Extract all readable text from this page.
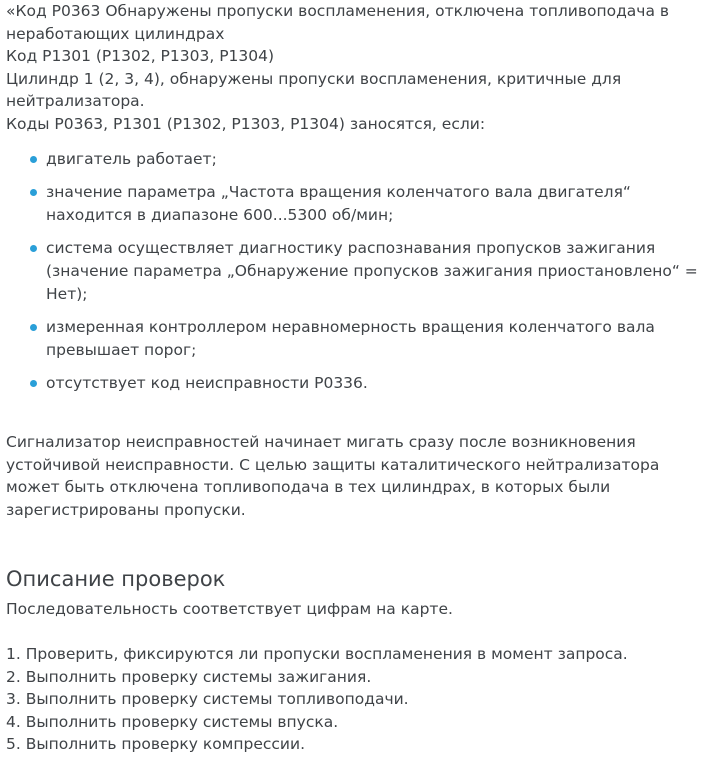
«Код P0363 Обнаружены пропуски воспламенения, отключена топливоподача в
неработающих цилиндрах
Код P1301 (P1302, P1303, P1304)
Цилиндр 1 (2, 3, 4), обнаружены пропуски воспламенения, критичные для
нейтрализатора.
Коды P0363, P1301 (P1302, P1303, P1304) заносятся, если:
двигатель работает;
значение параметра „Частота вращения коленчатого вала двигателя“
находится в диапазоне 600...5300 об/мин;
система осуществляет диагностику распознавания пропусков зажигания
(значение параметра „Обнаружение пропусков зажигания приостановлено“ =
Нет);
измеренная контроллером неравномерность вращения коленчатого вала
превышает порог;
отсутствует код неисправности P0336.
Сигнализатор неисправностей начинает мигать сразу после возникновения
устойчивой неисправности. С целью защиты каталитического нейтрализатора
может быть отключена топливоподача в тех цилиндрах, в которых были
зарегистрированы пропуски.
Описание проверок

Последовательность соответствует цифрам на карте.

1. Проверить, фиксируются ли пропуски воспламенения в момент запроса.
2. Выполнить проверку системы зажигания.
3. Выполнить проверку системы топливоподачи.
4. Выполнить проверку системы впуска.
5. Выполнить проверку компрессии.
